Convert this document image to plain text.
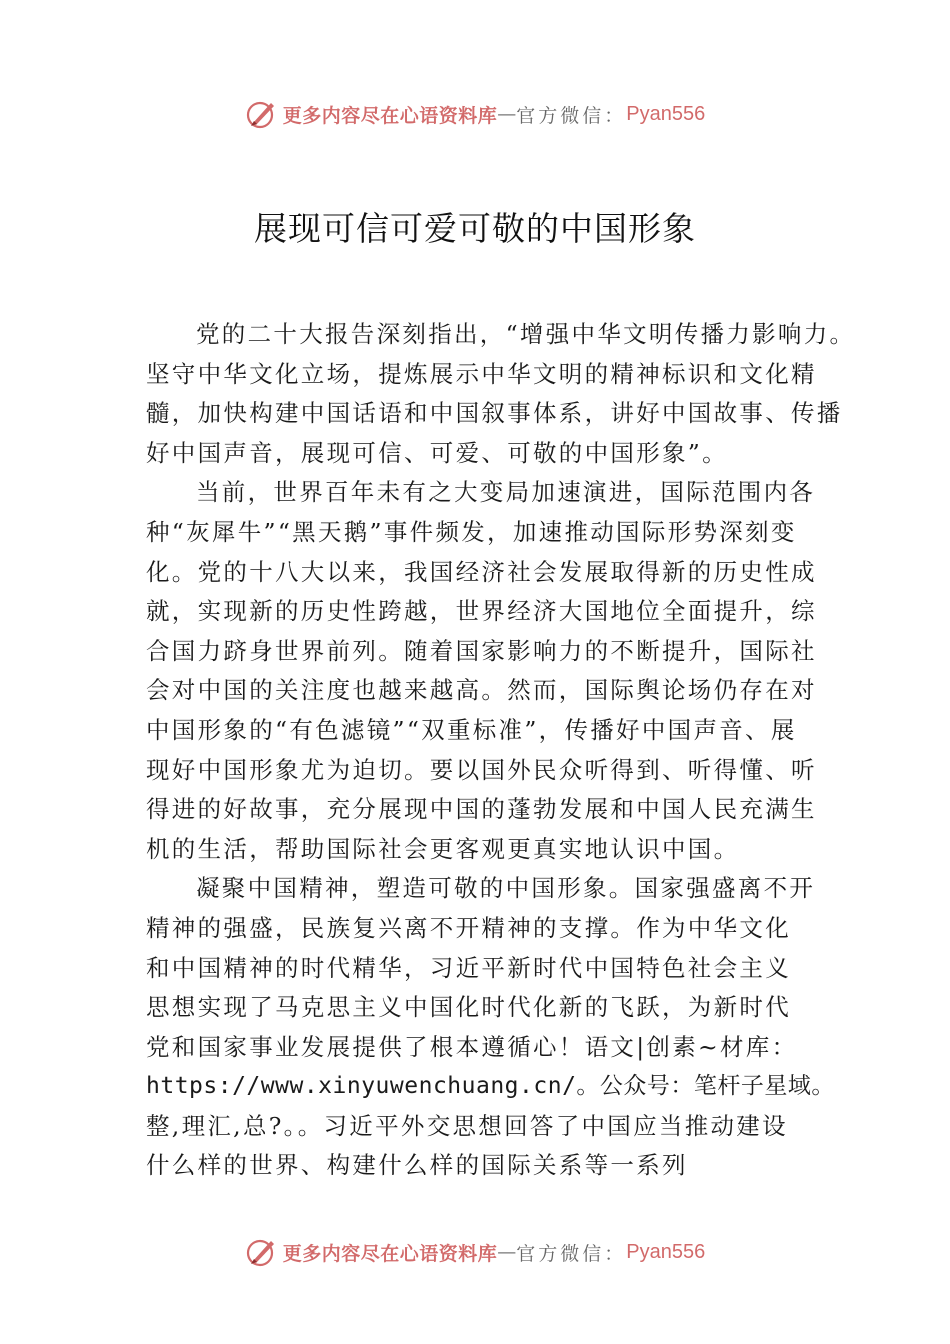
更多内容尽在心语资料库 — 官方微信： Pyan556
展现可信可爱可敬的中国形象
党的二十大报告深刻指出，“增强中华文明传播力影响力。
坚守中华文化立场，提炼展示中华文明的精神标识和文化精
髓，加快构建中国话语和中国叙事体系，讲好中国故事、传播
好中国声音，展现可信、可爱、可敬的中国形象”。
当前，世界百年未有之大变局加速演进，国际范围内各
种“灰犀牛”“黑天鹅”事件频发，加速推动国际形势深刻变
化。党的十八大以来，我国经济社会发展取得新的历史性成
就，实现新的历史性跨越，世界经济大国地位全面提升，综
合国力跻身世界前列。随着国家影响力的不断提升，国际社
会对中国的关注度也越来越高。然而，国际舆论场仍存在对
中国形象的“有色滤镜”“双重标准”，传播好中国声音、展
现好中国形象尤为迫切。要以国外民众听得到、听得懂、听
得进的好故事，充分展现中国的蓬勃发展和中国人民充满生
机的生活，帮助国际社会更客观更真实地认识中国。
凝聚中国精神，塑造可敬的中国形象。国家强盛离不开
精神的强盛，民族复兴离不开精神的支撑。作为中华文化
和中国精神的时代精华，习近平新时代中国特色社会主义
思想实现了马克思主义中国化时代化新的飞跃，为新时代
党和国家事业发展提供了根本遵循心！语文|创素~材库：
https://www.xinyuwenchuang.cn/。公众号：笔杆子星域。
整,理汇,总?。。习近平外交思想回答了中国应当推动建设
什么样的世界、构建什么样的国际关系等一系列
更多内容尽在心语资料库 — 官方微信： Pyan556
